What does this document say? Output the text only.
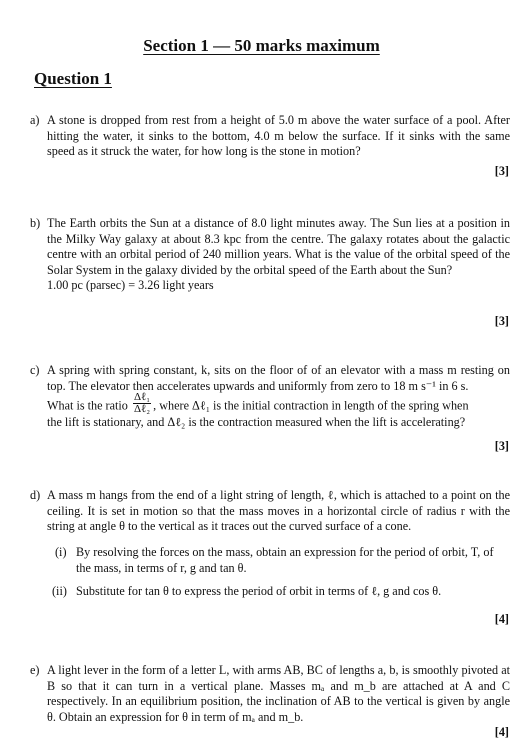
Section 1 — 50 marks maximum
Question 1
a) A stone is dropped from rest from a height of 5.0 m above the water surface of a pool. After hitting the water, it sinks to the bottom, 4.0 m below the surface. If it sinks with the same speed as it struck the water, for how long is the stone in motion?

[3]
b) The Earth orbits the Sun at a distance of 8.0 light minutes away. The Sun lies at a position in the Milky Way galaxy at about 8.3 kpc from the centre. The galaxy rotates about the galactic centre with an orbital period of 240 million years. What is the value of the orbital speed of the Solar System in the galaxy divided by the orbital speed of the Earth about the Sun?

1.00 pc (parsec) = 3.26 light years

[3]
c) A spring with spring constant, k, sits on the floor of of an elevator with a mass m resting on top. The elevator then accelerates upwards and uniformly from zero to 18 m s⁻¹ in 6 s.

What is the ratio $\frac{\text{Δℓ₁}}{\text{Δℓ₂}}$ , where Δℓ₁ is the initial contraction in length of the spring when

the lift is stationary, and Δℓ₂ is the contraction measured when the lift is accelerating?

[3]
d) A mass m hangs from the end of a light string of length, ℓ, which is attached to a point on the ceiling. It is set in motion so that the mass moves in a horizontal circle of radius r with the string at angle θ to the vertical as it traces out the curved surface of a cone.

(i) By resolving the forces on the mass, obtain an expression for the period of orbit, T, of the mass, in terms of r, g and tan θ.
(ii) Substitute for tan θ to express the period of orbit in terms of ℓ, g and cos θ.
[4]
e) A light lever in the form of a letter L, with arms AB, BC of lengths a, b, is smoothly pivoted at B so that it can turn in a vertical plane. Masses mₐ and m_b are attached at A and C respectively. In an equilibrium position, the inclination of AB to the vertical is given by angle θ. Obtain an expression for θ in term of mₐ and m_b.

[4]
